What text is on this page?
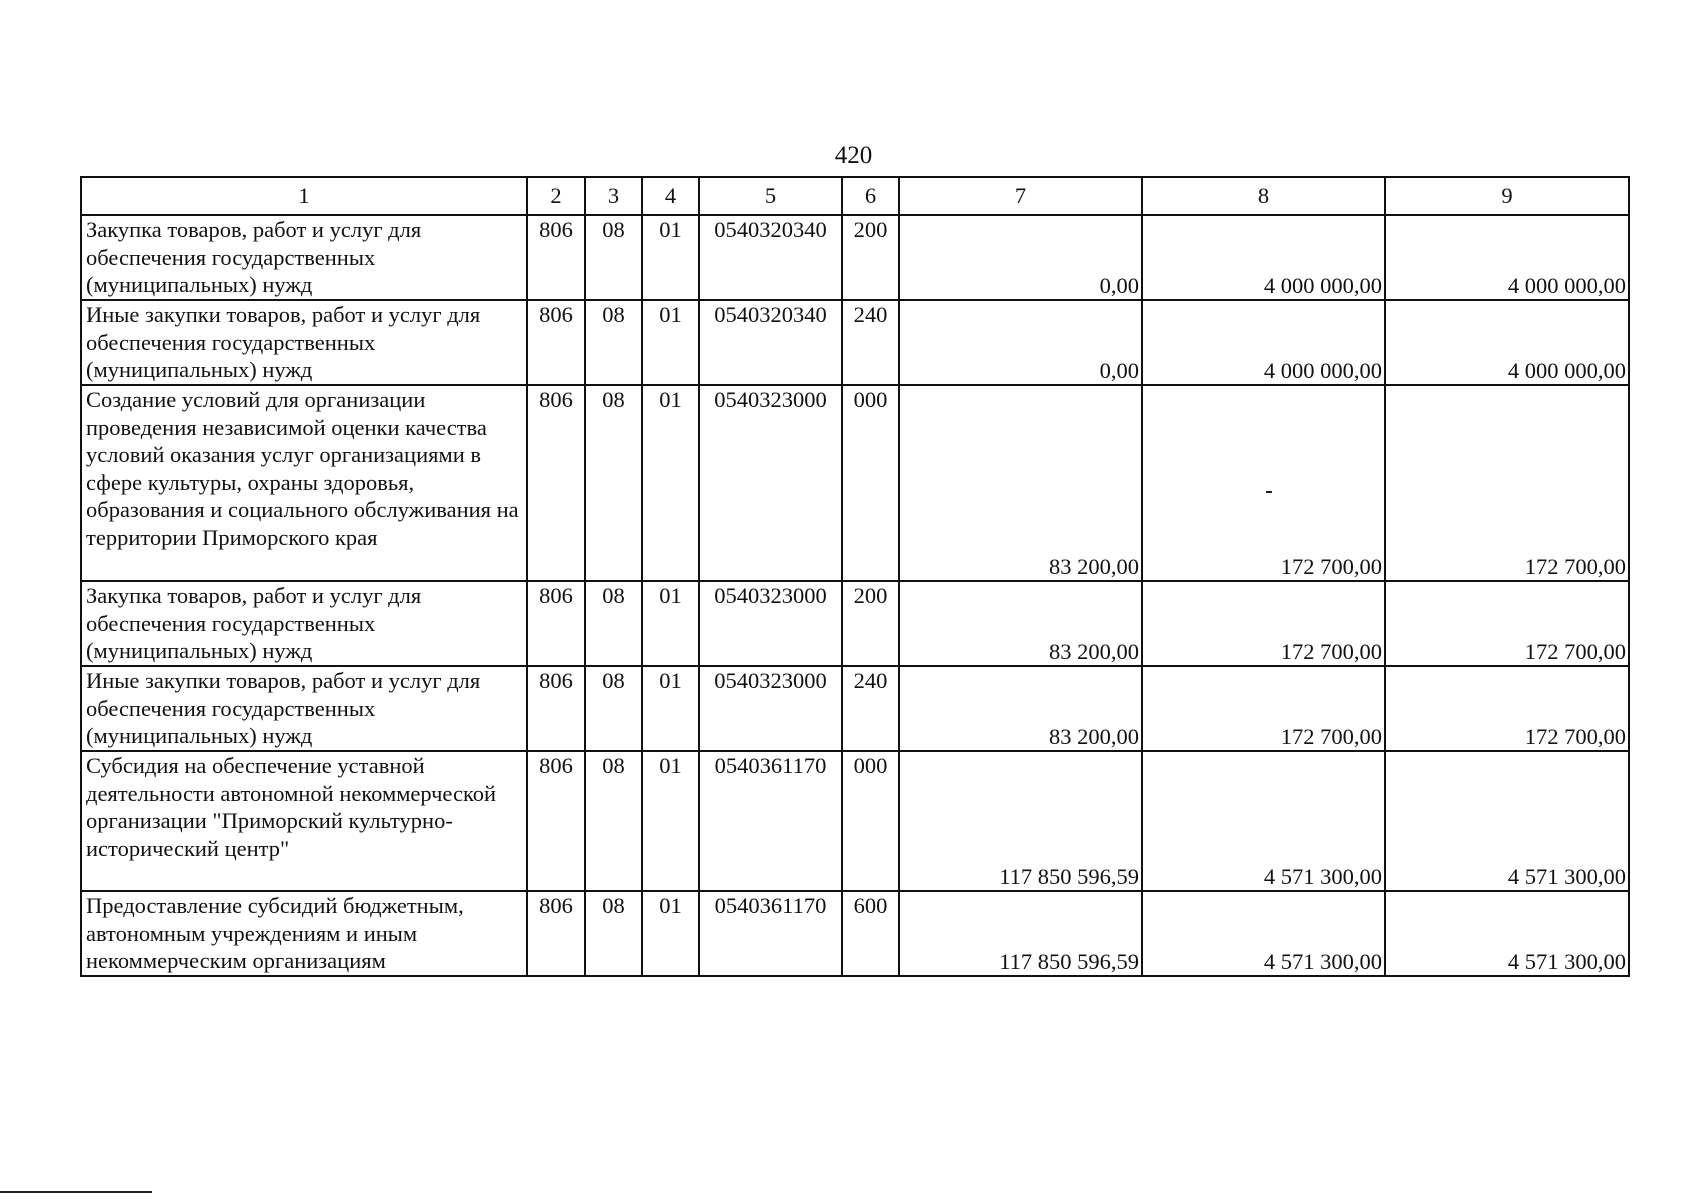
420
1	2	3	4	5	6	7	8	9
Закупка товаров, работ и услуг для обеспечения государственных (муниципальных) нужд	806	08	01	0540320340	200	0,00	4 000 000,00	4 000 000,00
Иные закупки товаров, работ и услуг для обеспечения государственных (муниципальных) нужд	806	08	01	0540320340	240	0,00	4 000 000,00	4 000 000,00
Создание условий для организации проведения независимой оценки качества условий оказания услуг организациями в сфере культуры, охраны здоровья, образования и социального обслуживания на территории Приморского края	806	08	01	0540323000	000	83 200,00	172 700,00	172 700,00
Закупка товаров, работ и услуг для обеспечения государственных (муниципальных) нужд	806	08	01	0540323000	200	83 200,00	172 700,00	172 700,00
Иные закупки товаров, работ и услуг для обеспечения государственных (муниципальных) нужд	806	08	01	0540323000	240	83 200,00	172 700,00	172 700,00
Субсидия на обеспечение уставной деятельности автономной некоммерческой организации "Приморский культурно-исторический центр"	806	08	01	0540361170	000	117 850 596,59	4 571 300,00	4 571 300,00
Предоставление субсидий бюджетным, автономным учреждениям и иным некоммерческим организациям	806	08	01	0540361170	600	117 850 596,59	4 571 300,00	4 571 300,00
